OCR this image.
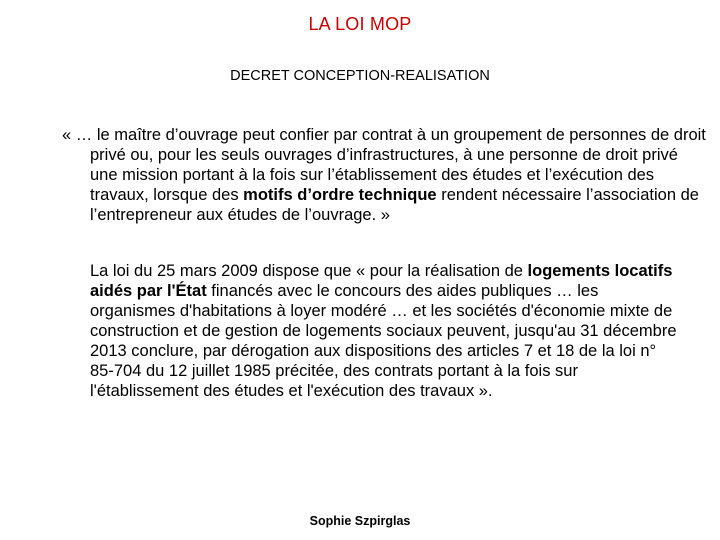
LA LOI MOP
DECRET CONCEPTION-REALISATION
« … le maître d’ouvrage peut confier par contrat à un groupement de personnes de droit privé ou, pour les seuls ouvrages d’infrastructures, à une personne de droit privé une mission portant à la fois sur l’établissement des études et l’exécution des travaux, lorsque des motifs d’ordre technique rendent nécessaire l’association de l’entrepreneur aux études de l’ouvrage. »
La loi du 25 mars 2009 dispose que « pour la réalisation de logements locatifs aidés par l'État financés avec le concours des aides publiques … les organismes d'habitations à loyer modéré … et les sociétés d'économie mixte de construction et de gestion de logements sociaux peuvent, jusqu'au 31 décembre 2013 conclure, par dérogation aux dispositions des articles 7 et 18 de la loi n° 85-704 du 12 juillet 1985 précitée, des contrats portant à la fois sur l'établissement des études et l'exécution des travaux ».
Sophie Szpirglas
